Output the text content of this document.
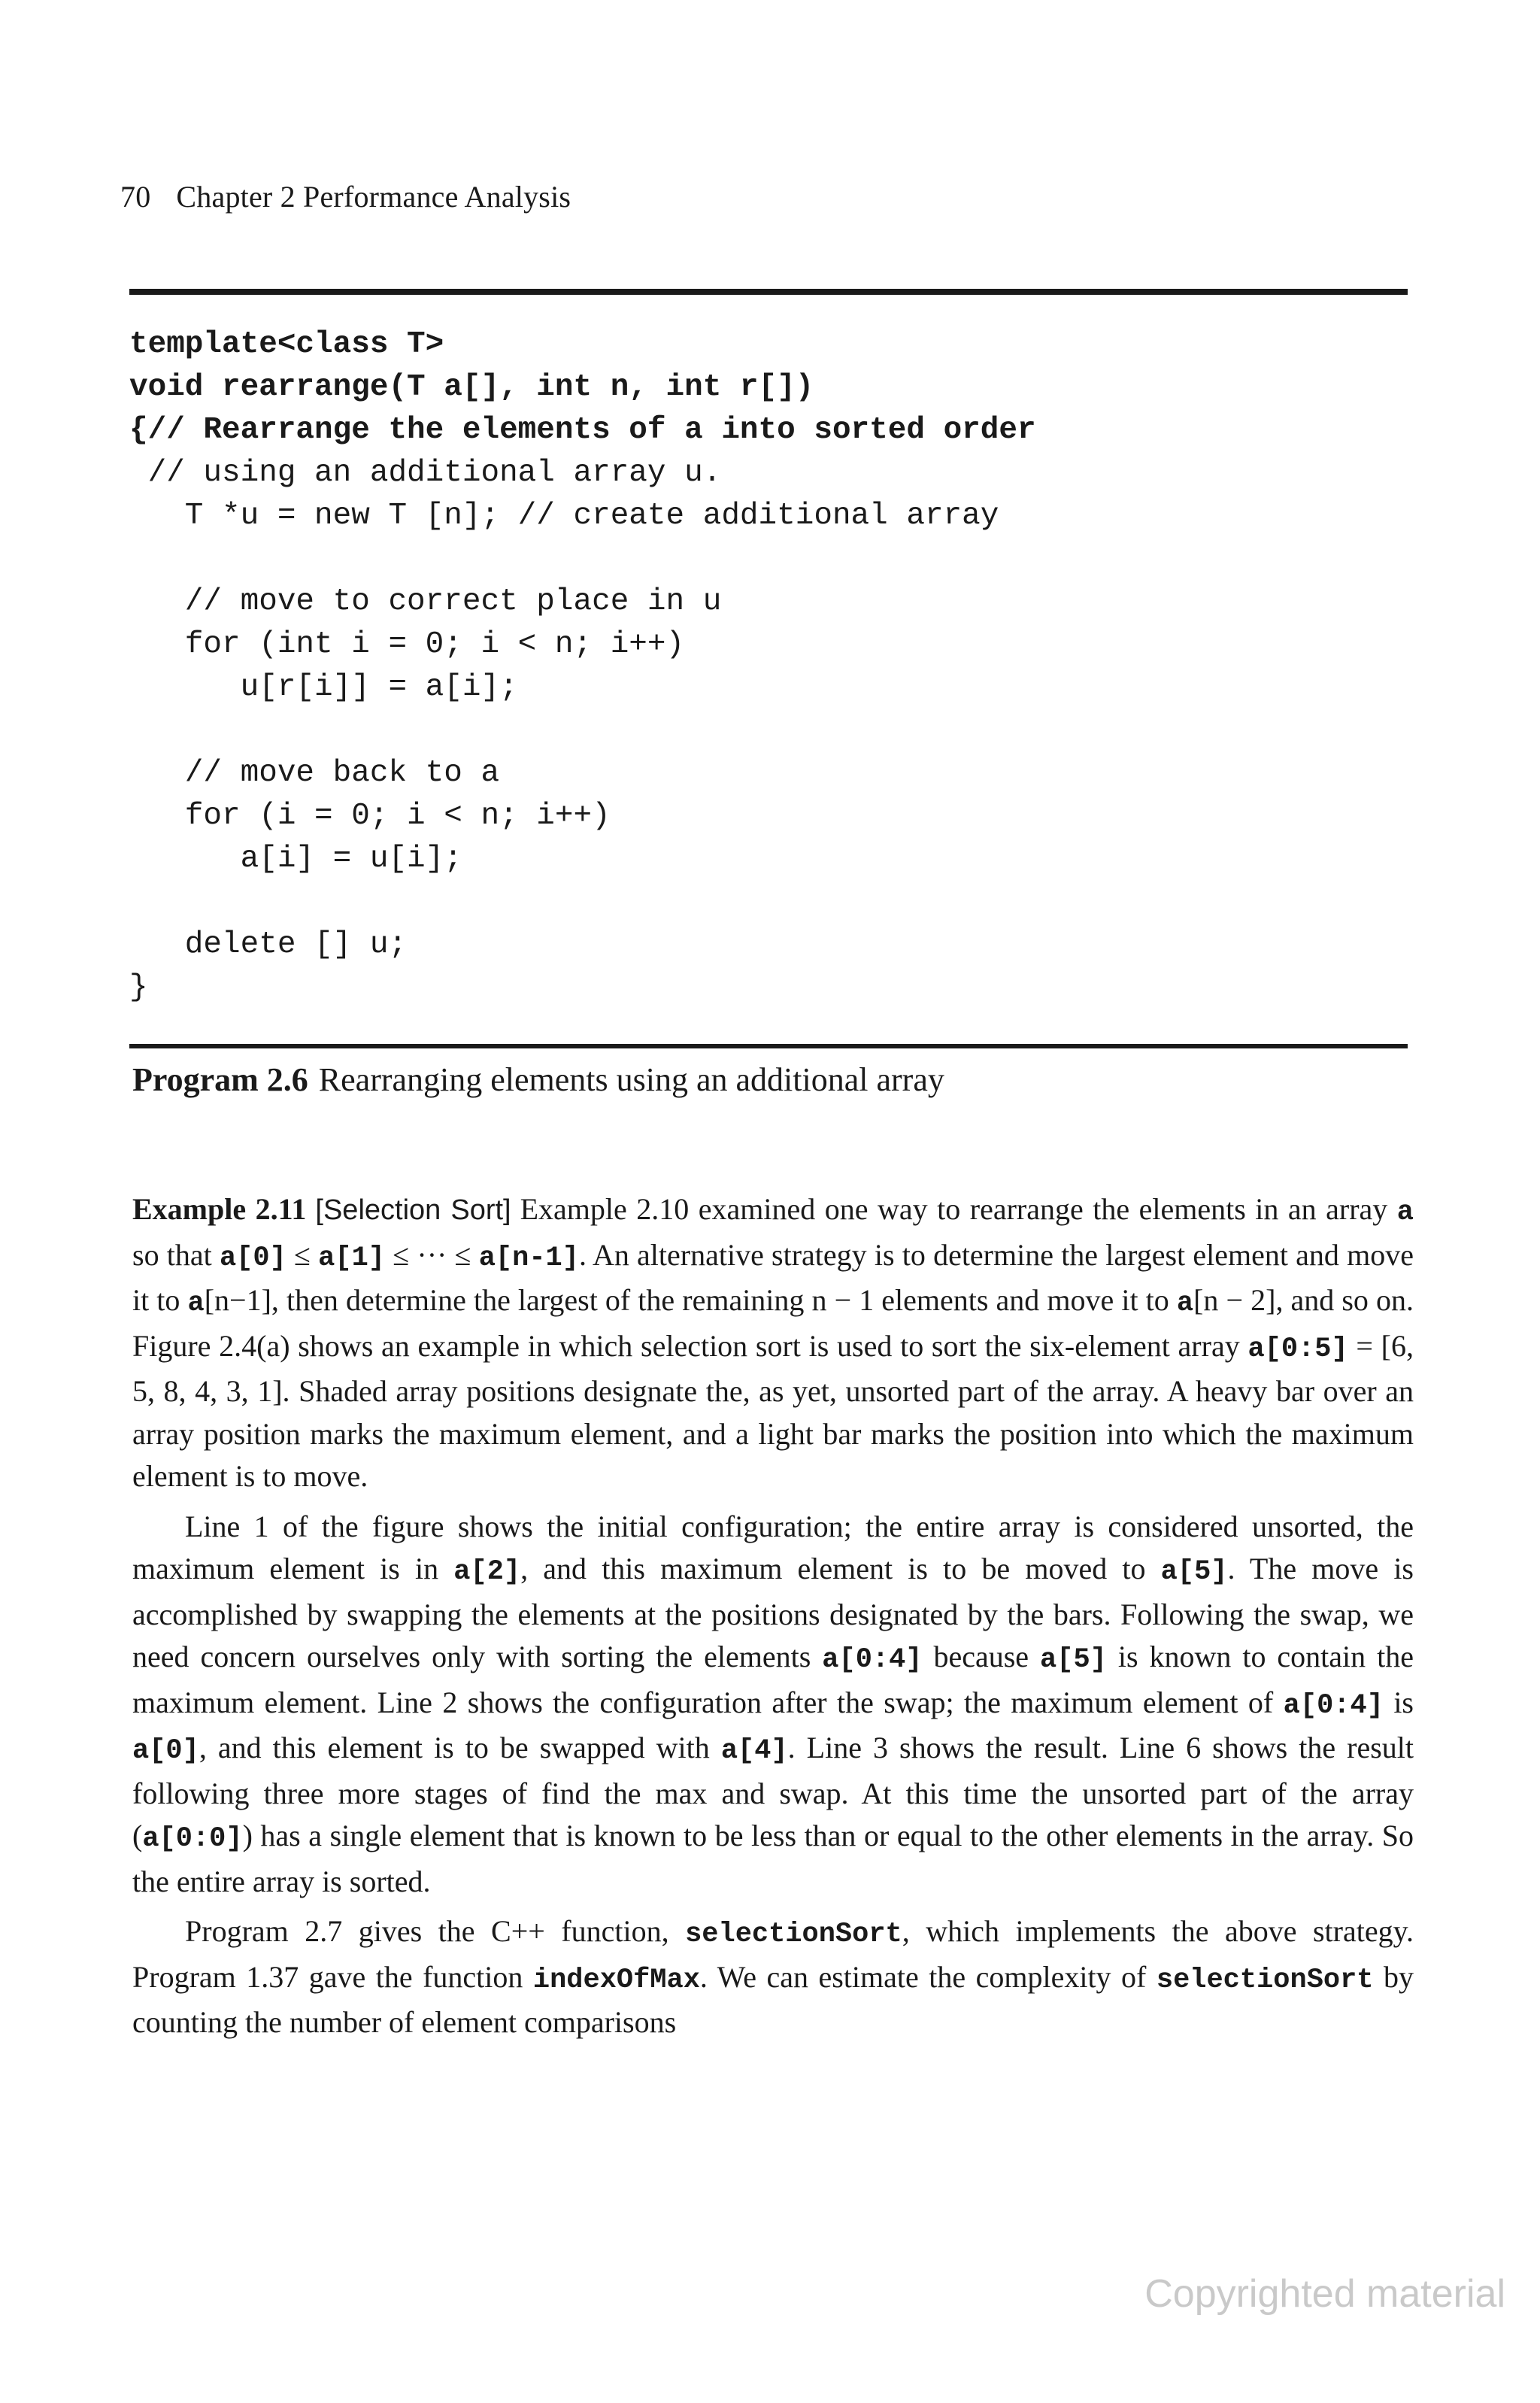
70 Chapter 2 Performance Analysis
template<class T>
void rearrange(T a[], int n, int r[])
{// Rearrange the elements of a into sorted order
// using an additional array u.
T *u = new T [n]; // create additional array
// move to correct place in u
for (int i = 0; i < n; i++)
u[r[i]] = a[i];
// move back to a
for (i = 0; i < n; i++)
a[i] = u[i];
delete [] u;
}
Program 2.6 Rearranging elements using an additional array

Example 2.11 [Selection Sort] Example 2.10 examined one way to rearrange the elements in an array a so that a[0] ≤ a[1] ≤ ··· ≤ a[n-1]. An alternative strategy is to determine the largest element and move it to a[n−1], then determine the largest of the remaining n − 1 elements and move it to a[n − 2], and so on. Figure 2.4(a) shows an example in which selection sort is used to sort the six-element array a[0:5] = [6, 5, 8, 4, 3, 1]. Shaded array positions designate the, as yet, unsorted part of the array. A heavy bar over an array position marks the maximum element, and a light bar marks the position into which the maximum element is to move.

Line 1 of the figure shows the initial configuration; the entire array is considered unsorted, the maximum element is in a[2], and this maximum element is to be moved to a[5]. The move is accomplished by swapping the elements at the positions designated by the bars. Following the swap, we need concern ourselves only with sorting the elements a[0:4] because a[5] is known to contain the maximum element. Line 2 shows the configuration after the swap; the maximum element of a[0:4] is a[0], and this element is to be swapped with a[4]. Line 3 shows the result. Line 6 shows the result following three more stages of find the max and swap. At this time the unsorted part of the array (a[0:0]) has a single element that is known to be less than or equal to the other elements in the array. So the entire array is sorted.

Program 2.7 gives the C++ function, selectionSort, which implements the above strategy. Program 1.37 gave the function indexOfMax. We can estimate the complexity of selectionSort by counting the number of element comparisons

Copyrighted material
